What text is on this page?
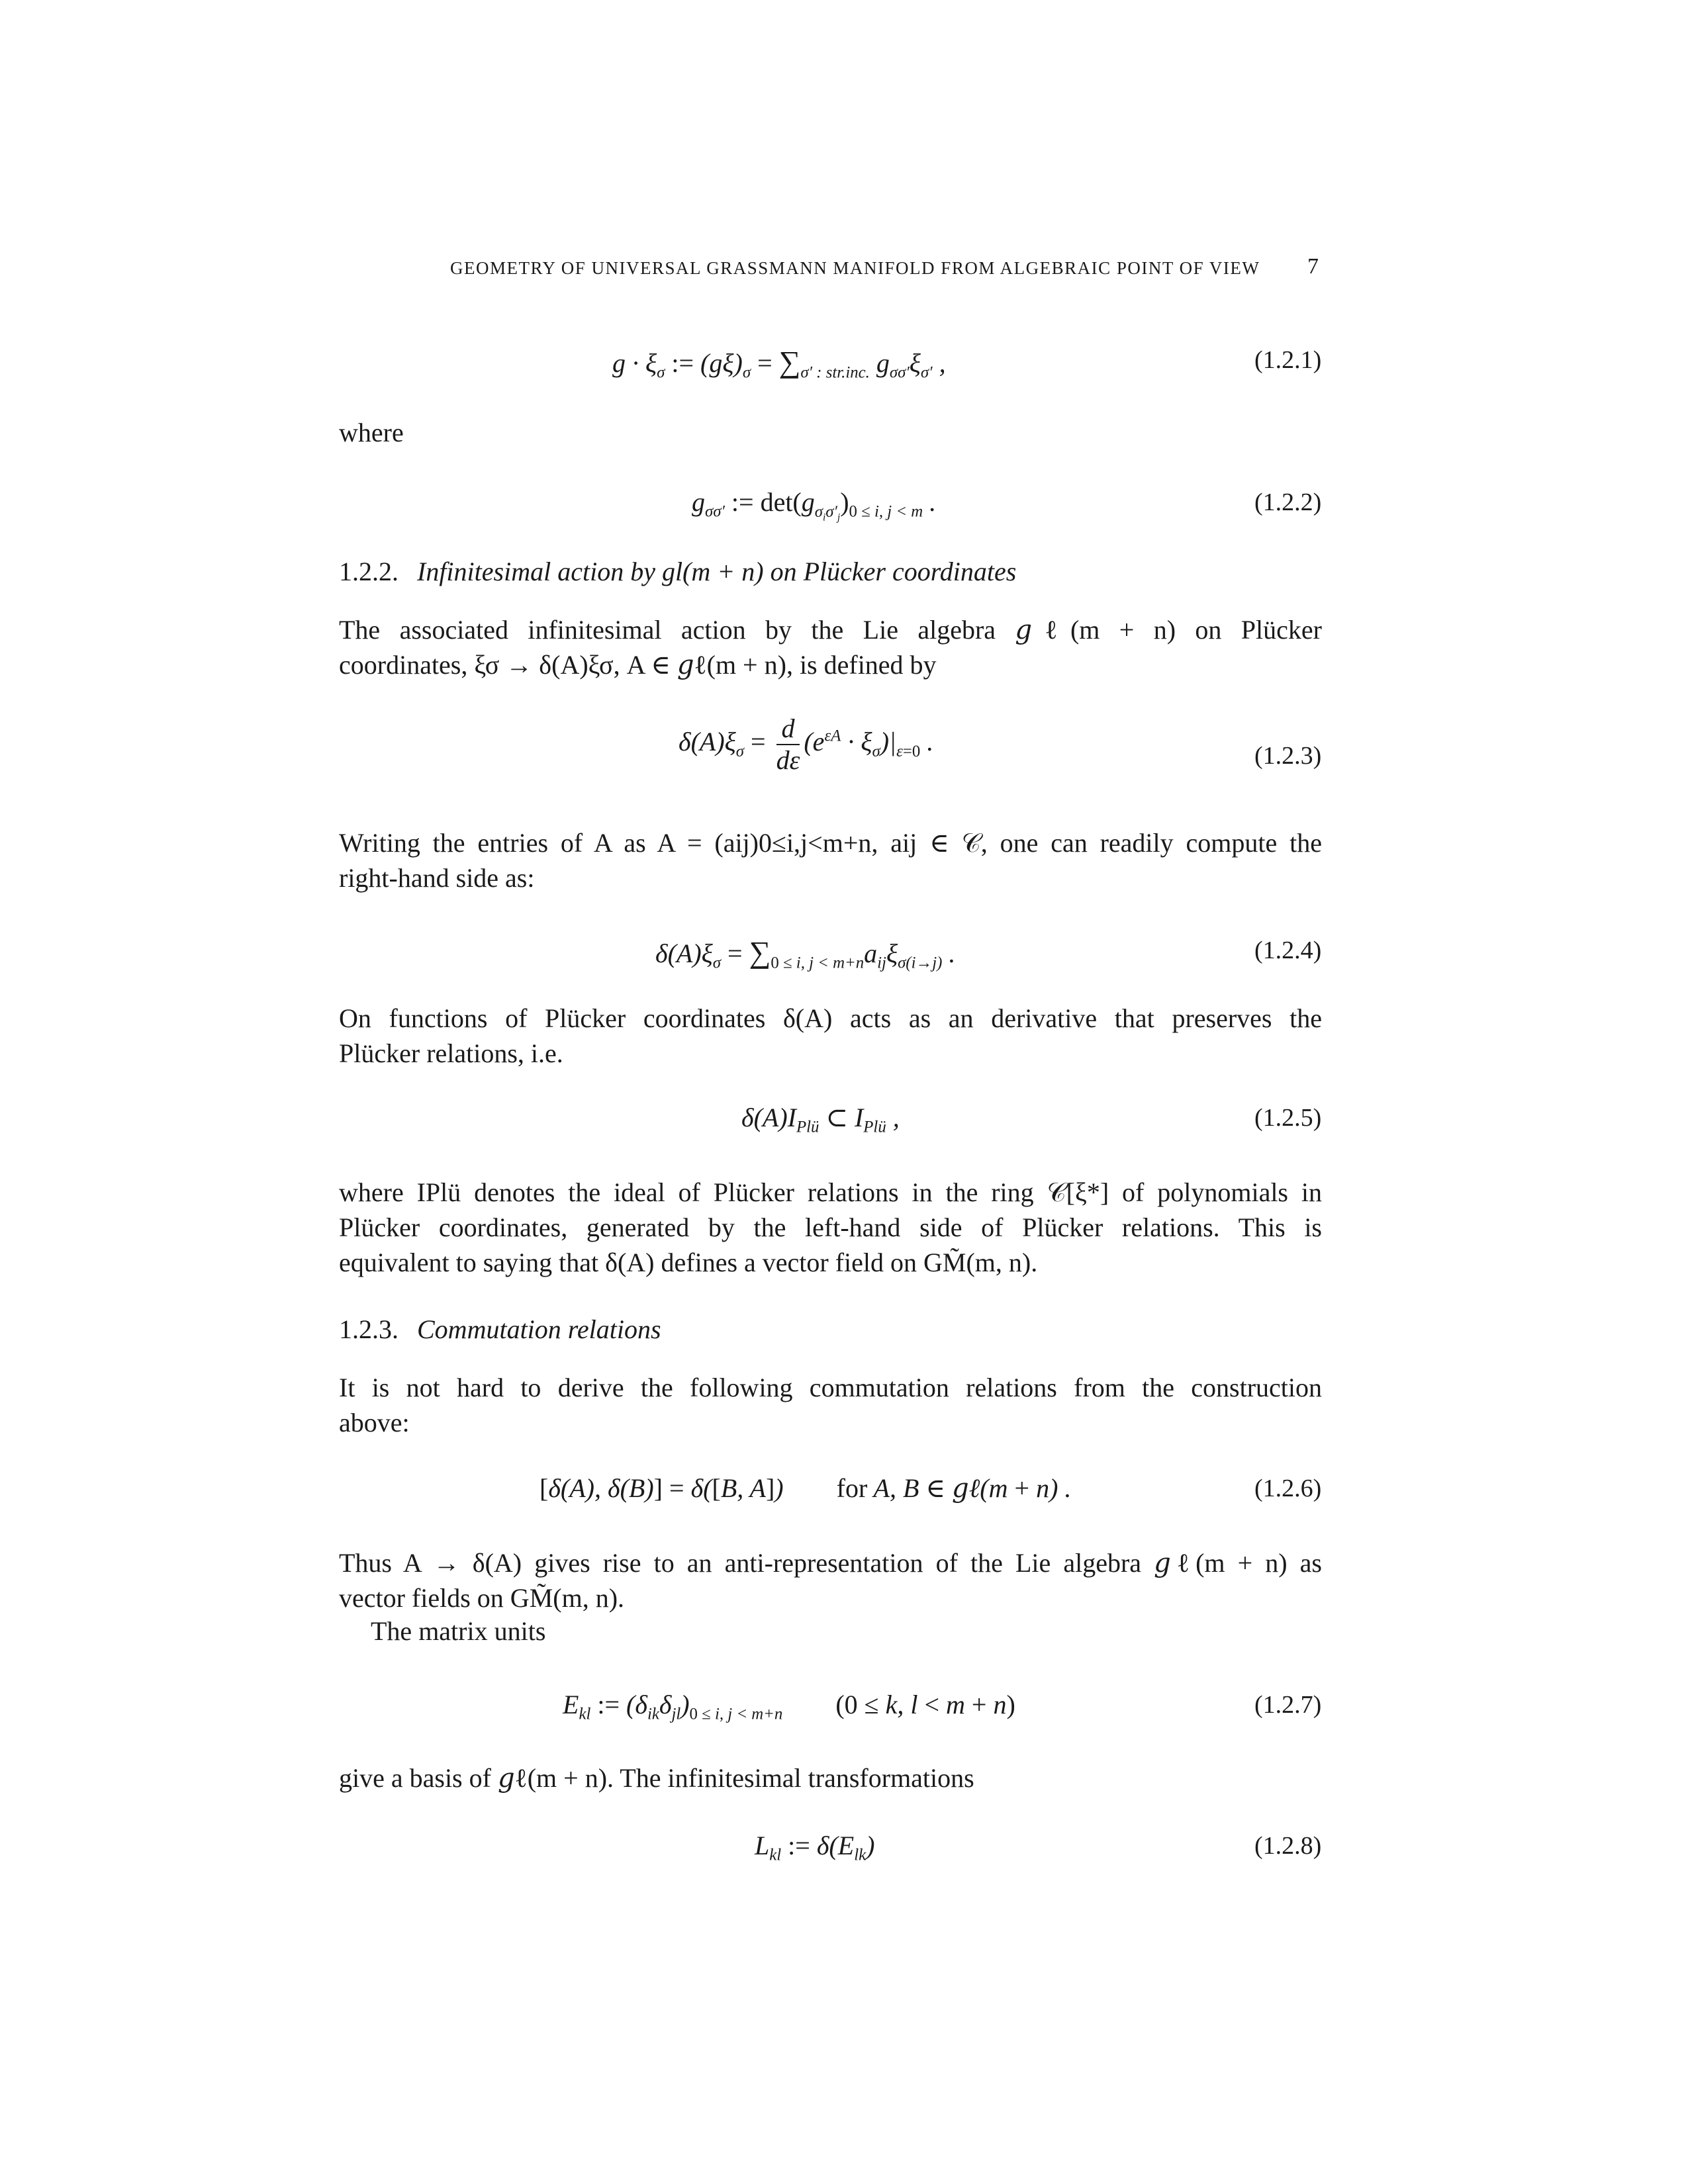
GEOMETRY OF UNIVERSAL GRASSMANN MANIFOLD FROM ALGEBRAIC POINT OF VIEW 7
$g \cdot \xi_\sigma$ := $(g\xi)_\sigma = \sum_{\sigma' : str.inc.}$ $g_{\sigma\sigma'}\xi_{\sigma'}$ ,	(1.2.1)
where
$g_{\sigma\sigma'}$ := $\det(g_{\sigma_i\sigma'_j})_{0 \le i, j < m}$ .	(1.2.2)
1.2.2. Infinitesimal action by gl(m + n) on Plücker coordinates
The associated infinitesimal action by the Lie algebra 𝑔ℓ(m + n) on Plücker
coordinates, ξσ → δ(A)ξσ, A ∈ 𝑔ℓ(m + n), is defined by
$\delta(A)\xi_\sigma = \frac{d}{d\varepsilon} (e^{\varepsilon A} \cdot \xi_\sigma)|_{\varepsilon=0}$ .	(1.2.3)
Writing the entries of A as A = (aij)0≤i,j<m+n, aij ∈ 𝒞, one can readily compute the
right-hand side as:
$\delta(A)\xi_\sigma = \sum_{0 \le i, j < m+n}a_{ij}\xi_{\sigma(i\to j)}$ .	(1.2.4)
On functions of Plücker coordinates δ(A) acts as an derivative that preserves the
Plücker relations, i.e.
$\delta(A)I_{Plü}$ ⊂ $I_{Plü}$ ,	(1.2.5)
where IPlü denotes the ideal of Plücker relations in the ring 𝒞[ξ*] of polynomials in
Plücker coordinates, generated by the left-hand side of Plücker relations. This is
equivalent to saying that δ(A) defines a vector field on GM̃(m, n).
1.2.3. Commutation relations
It is not hard to derive the following commutation relations from the construction
above:
[δ(A), δ(B)] = δ([B, A]) for A, B ∈ 𝑔ℓ(m + n) .	(1.2.6)
Thus A → δ(A) gives rise to an anti-representation of the Lie algebra 𝑔ℓ(m + n) as
vector fields on GM̃(m, n).
The matrix units
$E_{kl}$ := $(\delta_{ik}\delta_{jl})_{0 \le i, j < m+n}$ (0 ≤ k, l < m + n)	(1.2.7)
give a basis of 𝑔ℓ(m + n). The infinitesimal transformations
$L_{kl}$ := $\delta(E_{lk})$	(1.2.8)
